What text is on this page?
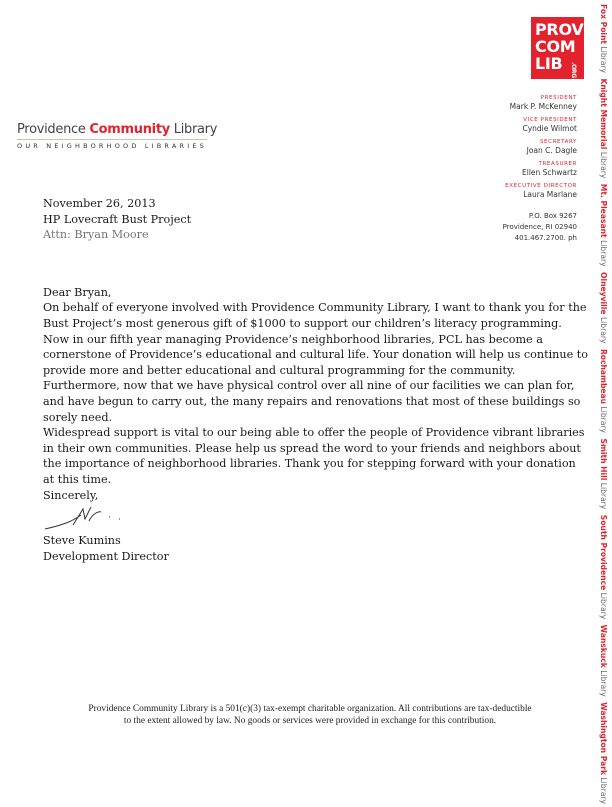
PROV
COM
LIB	.ORG
PRESIDENT
Mark P. McKenney
VICE PRESIDENT
Cyndie Wilmot
SECRETARY
Joan C. Dagle
TREASURER
Ellen Schwartz
EXECUTIVE DIRECTOR
Laura Marlane
P.O. Box 9267
Providence, RI 02940
401.467.2700. ph
Fox Point Library Knight Memorial Library Mt. Pleasant Library Olneyville Library Rochambeau Library Smith Hill Library South Providence Library Wanskuck Library Washington Park Library
Providence Community Library
OUR NEIGHBORHOOD LIBRARIES

November 26, 2013

HP Lovecraft Bust Project

Attn: Bryan Moore

Dear Bryan,

On behalf of everyone involved with Providence Community Library, I want to thank you for the Bust Project’s most generous gift of $1000 to support our children’s literacy programming. Now in our fifth year managing Providence’s neighborhood libraries, PCL has become a cornerstone of Providence’s educational and cultural life. Your donation will help us continue to provide more and better educational and cultural programming for the community. Furthermore, now that we have physical control over all nine of our facilities we can plan for, and have begun to carry out, the many repairs and renovations that most of these buildings so sorely need.

Widespread support is vital to our being able to offer the people of Providence vibrant libraries in their own communities. Please help us spread the word to your friends and neighbors about the importance of neighborhood libraries. Thank you for stepping forward with your donation at this time.

Sincerely,

Steve Kumins

Development Director

Providence Community Library is a 501(c)(3) tax-exempt charitable organization. All contributions are tax-deductible
to the extent allowed by law. No goods or services were provided in exchange for this contribution.
